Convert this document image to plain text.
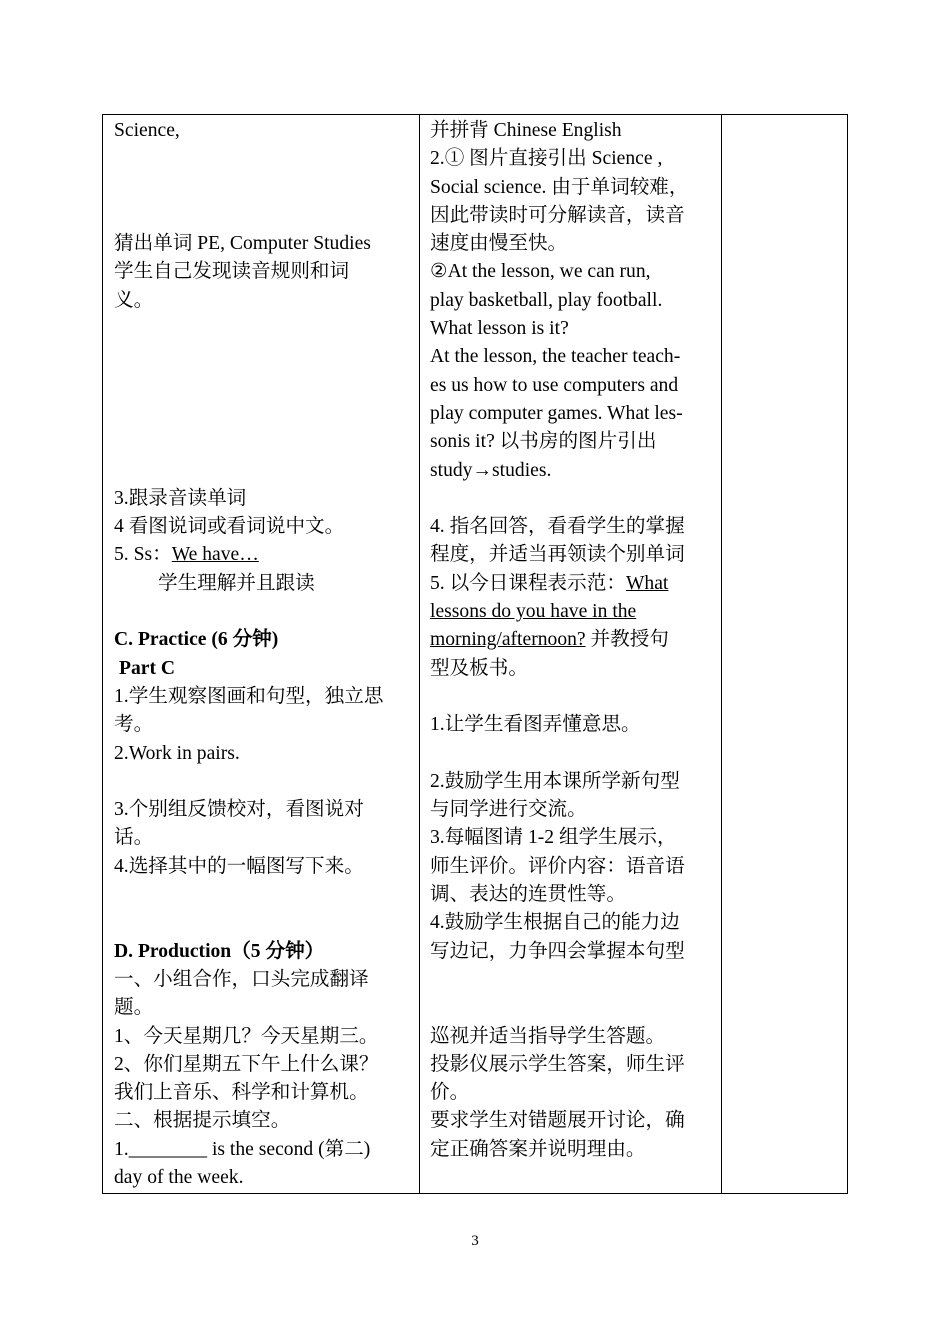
Science,
猜出单词 PE, Computer Studies
学生自己发现读音规则和词
义。
3.跟录音读单词
4 看图说词或看词说中文。
5. Ss：We have…
学生理解并且跟读
C. Practice (6 分钟)
Part C
1.学生观察图画和句型，独立思
考。
2.Work in pairs.
3.个别组反馈校对，看图说对
话。
4.选择其中的一幅图写下来。
D. Production（5 分钟）
一、小组合作，口头完成翻译
题。
1、今天星期几？今天星期三。
2、你们星期五下午上什么课？
我们上音乐、科学和计算机。
二、根据提示填空。
1.________ is the second (第二)
day of the week.
并拼背 Chinese English
2.① 图片直接引出 Science ,
Social science. 由于单词较难，
因此带读时可分解读音，读音
速度由慢至快。
②At the lesson, we can run,
play basketball, play football.
What lesson is it?
At the lesson, the teacher teach-
es us how to use computers and
play computer games. What les-
sonis it? 以书房的图片引出
study→studies.
4. 指名回答，看看学生的掌握
程度，并适当再领读个别单词
5. 以今日课程表示范：What
lessons do you have in the
morning/afternoon? 并教授句
型及板书。
1.让学生看图弄懂意思。
2.鼓励学生用本课所学新句型
与同学进行交流。
3.每幅图请 1-2 组学生展示，
师生评价。评价内容：语音语
调、表达的连贯性等。
4.鼓励学生根据自己的能力边
写边记，力争四会掌握本句型
巡视并适当指导学生答题。
投影仪展示学生答案，师生评
价。
要求学生对错题展开讨论，确
定正确答案并说明理由。
3
